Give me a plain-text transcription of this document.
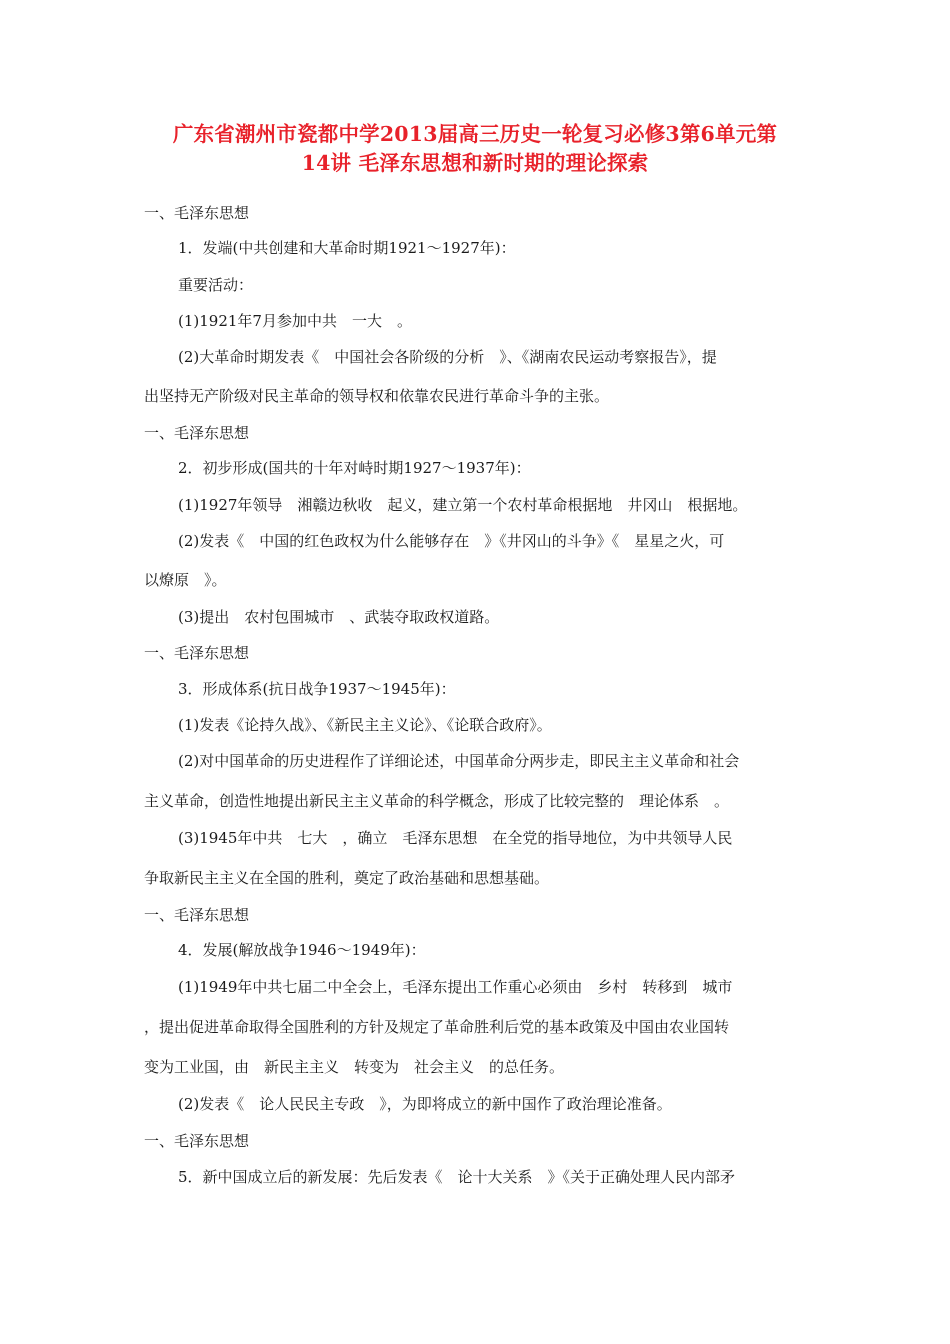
广东省潮州市瓷都中学2013届高三历史一轮复习必修3第6单元第
14讲 毛泽东思想和新时期的理论探索
一、毛泽东思想
1．发端(中共创建和大革命时期1921～1927年)：
重要活动：
(1)1921年7月参加中共　一大　。
(2)大革命时期发表《　中国社会各阶级的分析　》、《湖南农民运动考察报告》，提
出坚持无产阶级对民主革命的领导权和依靠农民进行革命斗争的主张。
一、毛泽东思想
2．初步形成(国共的十年对峙时期1927～1937年)：
(1)1927年领导　湘赣边秋收　起义，建立第一个农村革命根据地　井冈山　根据地。
(2)发表《　中国的红色政权为什么能够存在　》《井冈山的斗争》《　星星之火，可
以燎原　》。
(3)提出　农村包围城市　、武装夺取政权道路。
一、毛泽东思想
3．形成体系(抗日战争1937～1945年)：
(1)发表《论持久战》、《新民主主义论》、《论联合政府》。
(2)对中国革命的历史进程作了详细论述，中国革命分两步走，即民主主义革命和社会
主义革命，创造性地提出新民主主义革命的科学概念，形成了比较完整的　理论体系　。
(3)1945年中共　七大　，确立　毛泽东思想　在全党的指导地位，为中共领导人民
争取新民主主义在全国的胜利，奠定了政治基础和思想基础。
一、毛泽东思想
4．发展(解放战争1946～1949年)：
(1)1949年中共七届二中全会上，毛泽东提出工作重心必须由　乡村　转移到　城市
，提出促进革命取得全国胜利的方针及规定了革命胜利后党的基本政策及中国由农业国转
变为工业国，由　新民主主义　转变为　社会主义　的总任务。
(2)发表《　论人民民主专政　》，为即将成立的新中国作了政治理论准备。
一、毛泽东思想
5．新中国成立后的新发展：先后发表《　论十大关系　》《关于正确处理人民内部矛
